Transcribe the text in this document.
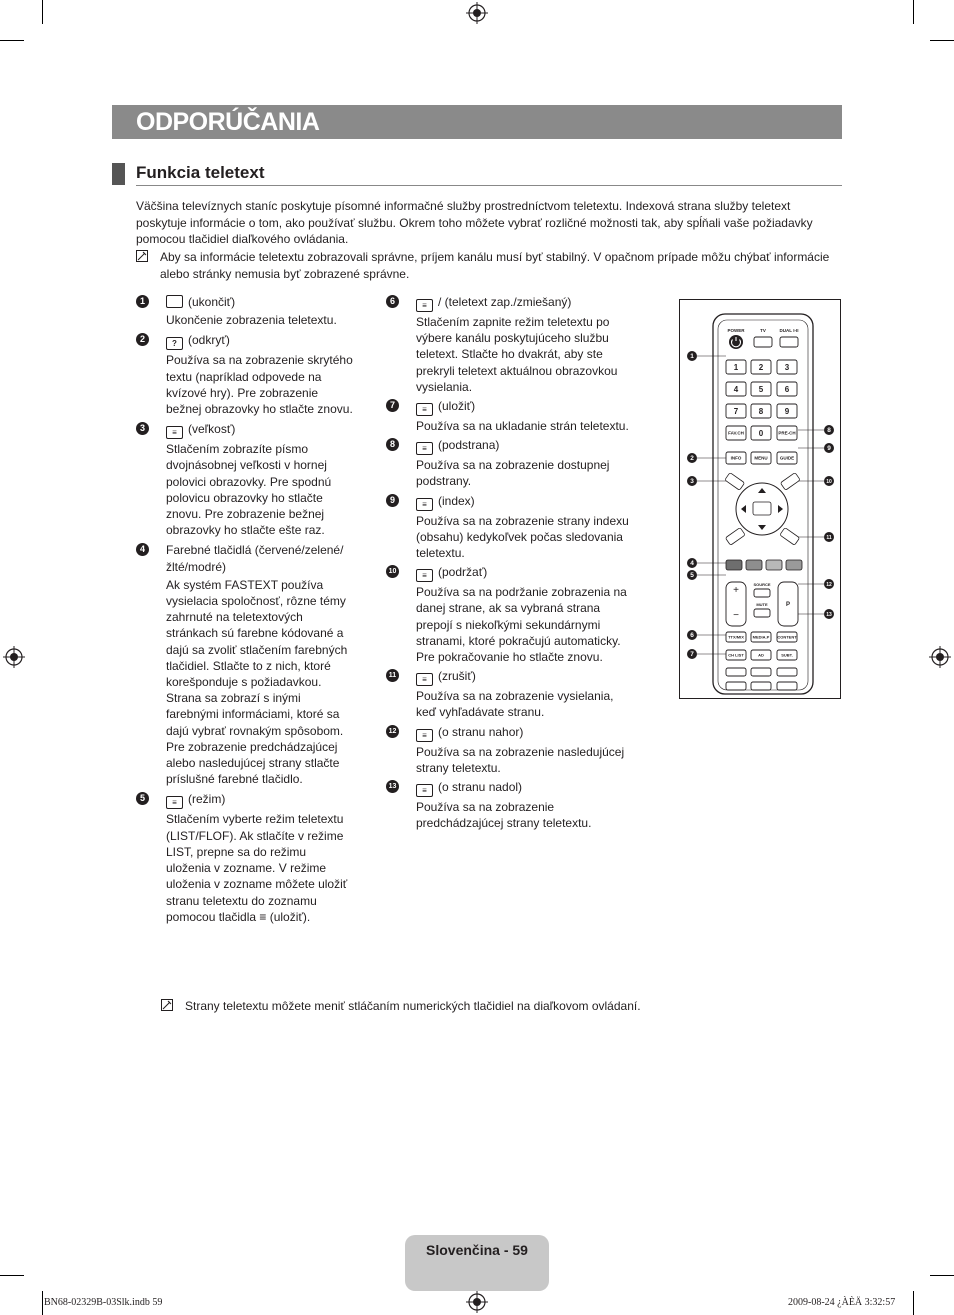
ODPORÚČANIA
Funkcia teletext
Väčšina televíznych staníc poskytuje písomné informačné služby prostredníctvom teletextu. Indexová strana služby teletext poskytuje informácie o tom, ako používať službu. Okrem toho môžete vybrať rozličné možnosti tak, aby spĺňali vaše požiadavky pomocou tlačidiel diaľkového ovládania.
Aby sa informácie teletextu zobrazovali správne, príjem kanálu musí byť stabilný. V opačnom prípade môžu chýbať informácie alebo stránky nemusia byť zobrazené správne.
1	(ukončiť)
Ukončenie zobrazenia teletextu.
2	? (odkryť)
Používa sa na zobrazenie skrytého textu (napríklad odpovede na kvízové hry). Pre zobrazenie bežnej obrazovky ho stlačte znovu.
3	≡ (veľkosť)
Stlačením zobrazíte písmo dvojnásobnej veľkosti v hornej polovici obrazovky. Pre spodnú polovicu obrazovky ho stlačte znovu. Pre zobrazenie bežnej obrazovky ho stlačte ešte raz.
4	Farebné tlačidlá (červené/zelené/žlté/modré)
Ak systém FASTEXT používa vysielacia spoločnosť, rôzne témy zahrnuté na teletextových stránkach sú farebne kódované a dajú sa zvoliť stlačením farebných tlačidiel. Stlačte to z nich, ktoré korešponduje s požiadavkou. Strana sa zobrazí s inými farebnými informáciami, ktoré sa dajú vybrať rovnakým spôsobom. Pre zobrazenie predchádzajúcej alebo nasledujúcej strany stlačte príslušné farebné tlačidlo.
5	≡ (režim)
Stlačením vyberte režim teletextu (LIST/FLOF). Ak stlačíte v režime LIST, prepne sa do režimu uloženia v zozname. V režime uloženia v zozname môžete uložiť stranu teletextu do zoznamu pomocou tlačidla ≡ (uložiť).
6	≡ / (teletext zap./zmiešaný)
Stlačením zapnite režim teletextu po výbere kanálu poskytujúceho službu teletext. Stlačte ho dvakrát, aby ste prekryli teletext aktuálnou obrazovkou vysielania.
7	≡ (uložiť)
Používa sa na ukladanie strán teletextu.
8	≡ (podstrana)
Používa sa na zobrazenie dostupnej podstrany.
9	≡ (index)
Používa sa na zobrazenie strany indexu (obsahu) kedykoľvek počas sledovania teletextu.
10	≡ (podržať)
Používa sa na podržanie zobrazenia na danej strane, ak sa vybraná strana prepojí s niekoľkými sekundárnymi stranami, ktoré pokračujú automaticky. Pre pokračovanie ho stlačte znovu.
11	≡ (zrušiť)
Používa sa na zobrazenie vysielania, keď vyhľadávate stranu.
12	≡ (o stranu nahor)
Používa sa na zobrazenie nasledujúcej strany teletextu.
13	≡ (o stranu nadol)
Používa sa na zobrazenie predchádzajúcej strany teletextu.
POWER	TV	DUAL I-II
1	2	3
4	5	6
7	8	9
FAV.CH 0	PRE-CH
INFO	MENU	GUIDE
+
−
P
SOURCE
MUTE
TTX/MIX MEDIA.P CONTENT
CH LIST	AD	SUBT.
1
2
3
4
5
6
7
8
9
10
11
12
13
Strany teletextu môžete meniť stláčaním numerických tlačidiel na diaľkovom ovládaní.
Slovenčina - 59
BN68-02329B-03Slk.indb 59	2009-08-24 ¿ÀÈÄ 3:32:57
